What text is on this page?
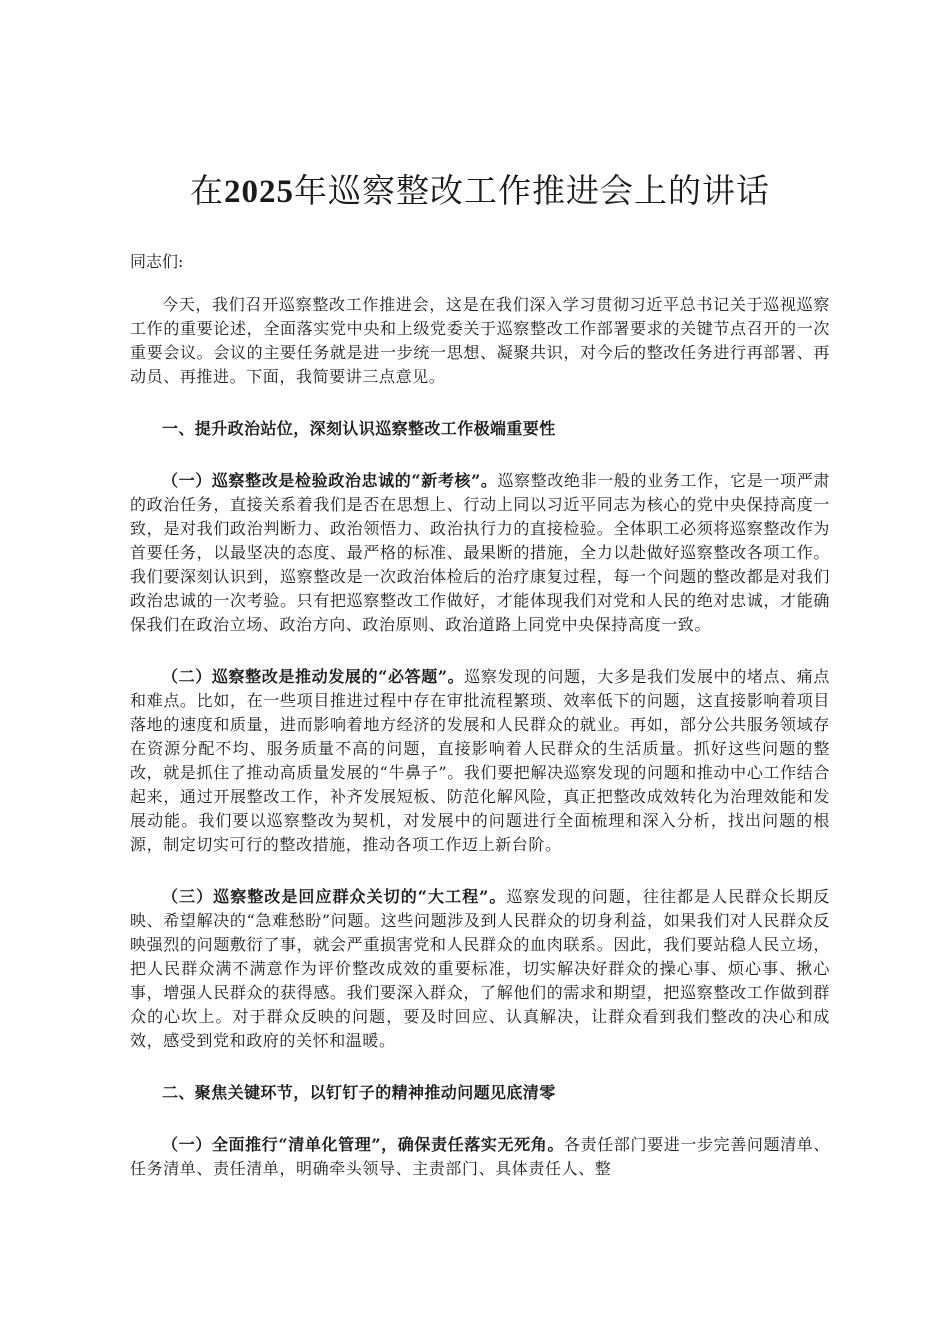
在2025年巡察整改工作推进会上的讲话
同志们:
今天，我们召开巡察整改工作推进会，这是在我们深入学习贯彻习近平总书记关于巡视巡察工作的重要论述，全面落实党中央和上级党委关于巡察整改工作部署要求的关键节点召开的一次重要会议。会议的主要任务就是进一步统一思想、凝聚共识，对今后的整改任务进行再部署、再动员、再推进。下面，我简要讲三点意见。
一、提升政治站位，深刻认识巡察整改工作极端重要性
（一）巡察整改是检验政治忠诚的“新考核”。巡察整改绝非一般的业务工作，它是一项严肃的政治任务，直接关系着我们是否在思想上、行动上同以习近平同志为核心的党中央保持高度一致，是对我们政治判断力、政治领悟力、政治执行力的直接检验。全体职工必须将巡察整改作为首要任务，以最坚决的态度、最严格的标准、最果断的措施，全力以赴做好巡察整改各项工作。我们要深刻认识到，巡察整改是一次政治体检后的治疗康复过程，每一个问题的整改都是对我们政治忠诚的一次考验。只有把巡察整改工作做好，才能体现我们对党和人民的绝对忠诚，才能确保我们在政治立场、政治方向、政治原则、政治道路上同党中央保持高度一致。
（二）巡察整改是推动发展的“必答题”。巡察发现的问题，大多是我们发展中的堵点、痛点和难点。比如，在一些项目推进过程中存在审批流程繁琐、效率低下的问题，这直接影响着项目落地的速度和质量，进而影响着地方经济的发展和人民群众的就业。再如，部分公共服务领域存在资源分配不均、服务质量不高的问题，直接影响着人民群众的生活质量。抓好这些问题的整改，就是抓住了推动高质量发展的“牛鼻子”。我们要把解决巡察发现的问题和推动中心工作结合起来，通过开展整改工作，补齐发展短板、防范化解风险，真正把整改成效转化为治理效能和发展动能。我们要以巡察整改为契机，对发展中的问题进行全面梳理和深入分析，找出问题的根源，制定切实可行的整改措施，推动各项工作迈上新台阶。
（三）巡察整改是回应群众关切的“大工程”。巡察发现的问题，往往都是人民群众长期反映、希望解决的“急难愁盼”问题。这些问题涉及到人民群众的切身利益，如果我们对人民群众反映强烈的问题敷衍了事，就会严重损害党和人民群众的血肉联系。因此，我们要站稳人民立场，把人民群众满不满意作为评价整改成效的重要标准，切实解决好群众的操心事、烦心事、揪心事，增强人民群众的获得感。我们要深入群众，了解他们的需求和期望，把巡察整改工作做到群众的心坎上。对于群众反映的问题，要及时回应、认真解决，让群众看到我们整改的决心和成效，感受到党和政府的关怀和温暖。
二、聚焦关键环节，以钉钉子的精神推动问题见底清零
（一）全面推行“清单化管理”，确保责任落实无死角。各责任部门要进一步完善问题清单、任务清单、责任清单，明确牵头领导、主责部门、具体责任人、整
